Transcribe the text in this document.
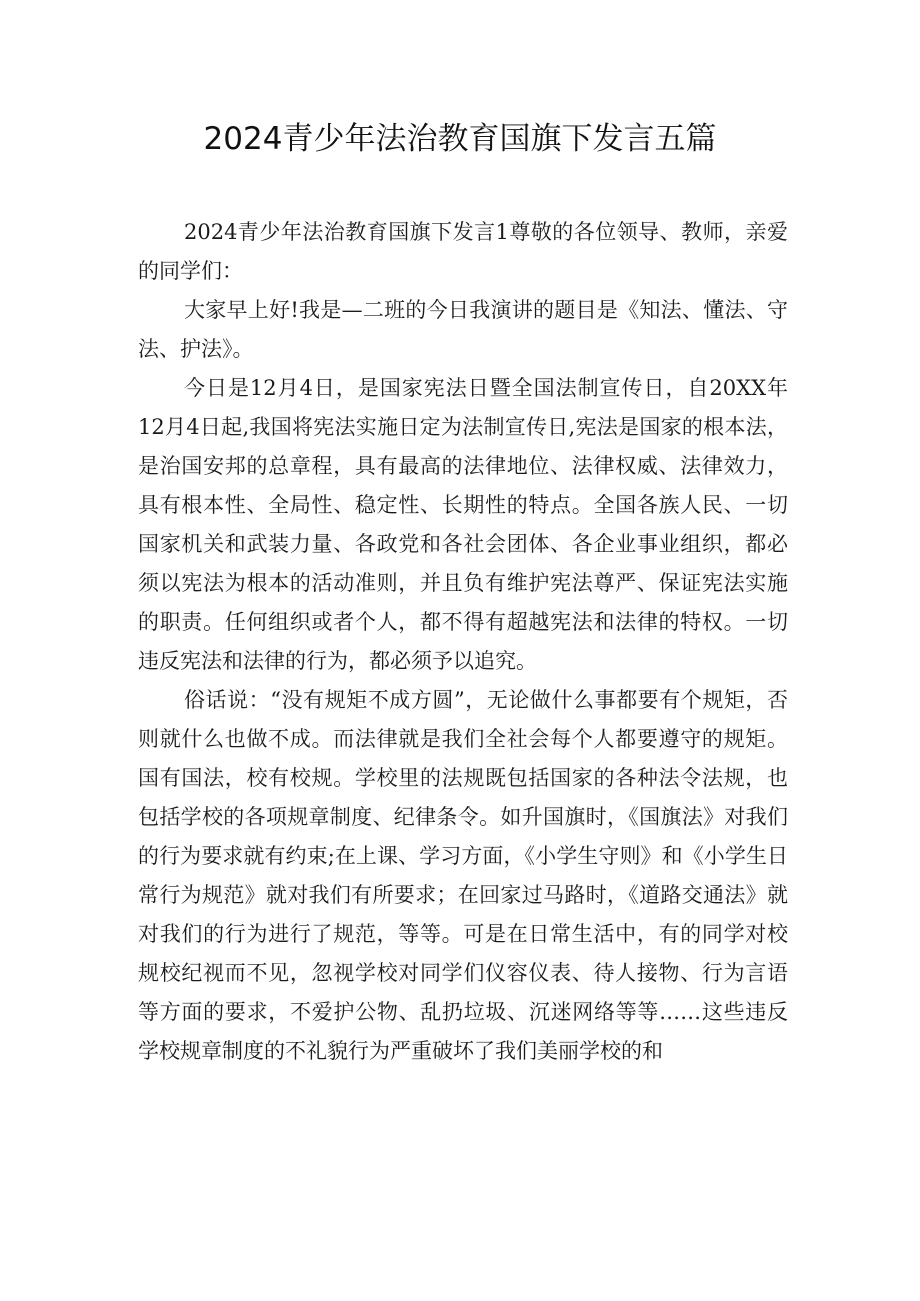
2024青少年法治教育国旗下发言五篇

2024青少年法治教育国旗下发言1尊敬的各位领导、教师，亲爱的同学们：

大家早上好!我是—二班的今日我演讲的题目是《知法、懂法、守法、护法》。

今日是12月4日，是国家宪法日暨全国法制宣传日，自20XX年12月4日起,我国将宪法实施日定为法制宣传日,宪法是国家的根本法，是治国安邦的总章程，具有最高的法律地位、法律权威、法律效力，具有根本性、全局性、稳定性、长期性的特点。全国各族人民、一切国家机关和武装力量、各政党和各社会团体、各企业事业组织，都必须以宪法为根本的活动准则，并且负有维护宪法尊严、保证宪法实施的职责。任何组织或者个人，都不得有超越宪法和法律的特权。一切违反宪法和法律的行为，都必须予以追究。

俗话说：“没有规矩不成方圆”，无论做什么事都要有个规矩，否则就什么也做不成。而法律就是我们全社会每个人都要遵守的规矩。国有国法，校有校规。学校里的法规既包括国家的各种法令法规，也包括学校的各项规章制度、纪律条令。如升国旗时，《国旗法》对我们的行为要求就有约束;在上课、学习方面，《小学生守则》和《小学生日常行为规范》就对我们有所要求；在回家过马路时，《道路交通法》就对我们的行为进行了规范，等等。可是在日常生活中，有的同学对校规校纪视而不见，忽视学校对同学们仪容仪表、待人接物、行为言语等方面的要求，不爱护公物、乱扔垃圾、沉迷网络等等……这些违反学校规章制度的不礼貌行为严重破坏了我们美丽学校的和
